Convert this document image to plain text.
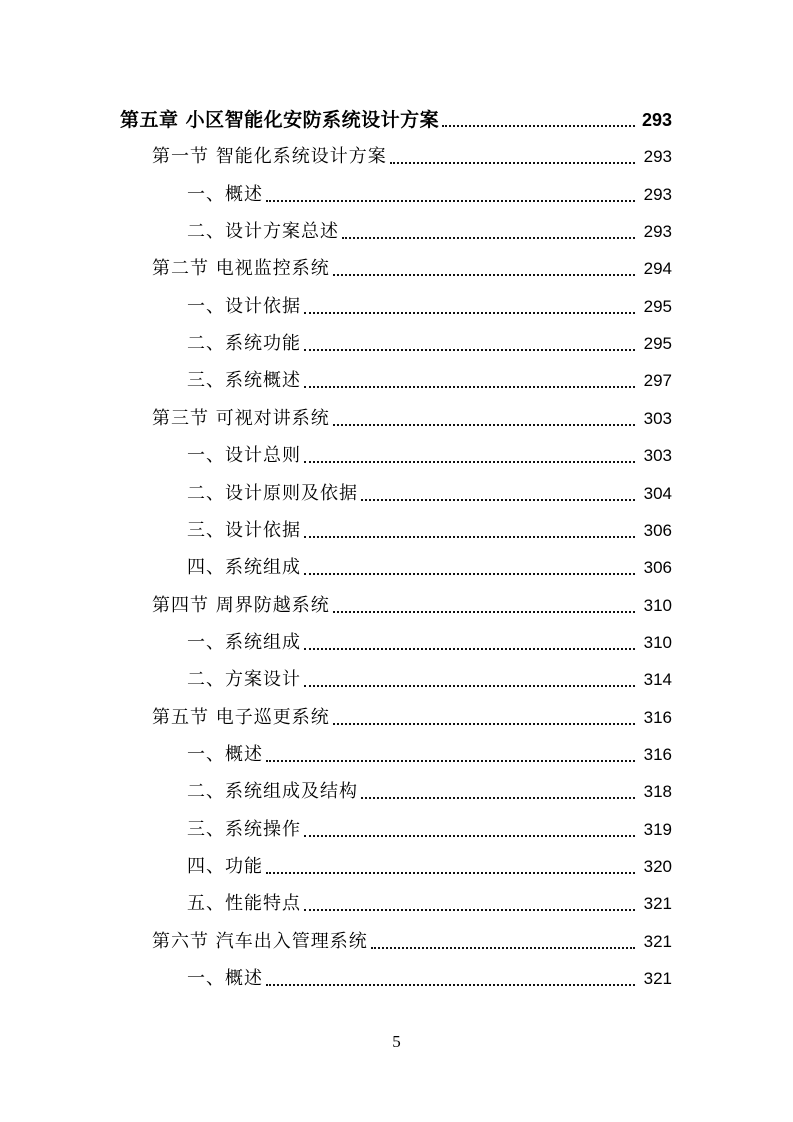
第五章 小区智能化安防系统设计方案	293
第一节 智能化系统设计方案	293
一、概述	293
二、设计方案总述	293
第二节 电视监控系统	294
一、设计依据	295
二、系统功能	295
三、系统概述	297
第三节 可视对讲系统	303
一、设计总则	303
二、设计原则及依据	304
三、设计依据	306
四、系统组成	306
第四节 周界防越系统	310
一、系统组成	310
二、方案设计	314
第五节 电子巡更系统	316
一、概述	316
二、系统组成及结构	318
三、系统操作	319
四、功能	320
五、性能特点	321
第六节 汽车出入管理系统	321
一、概述	321
5
